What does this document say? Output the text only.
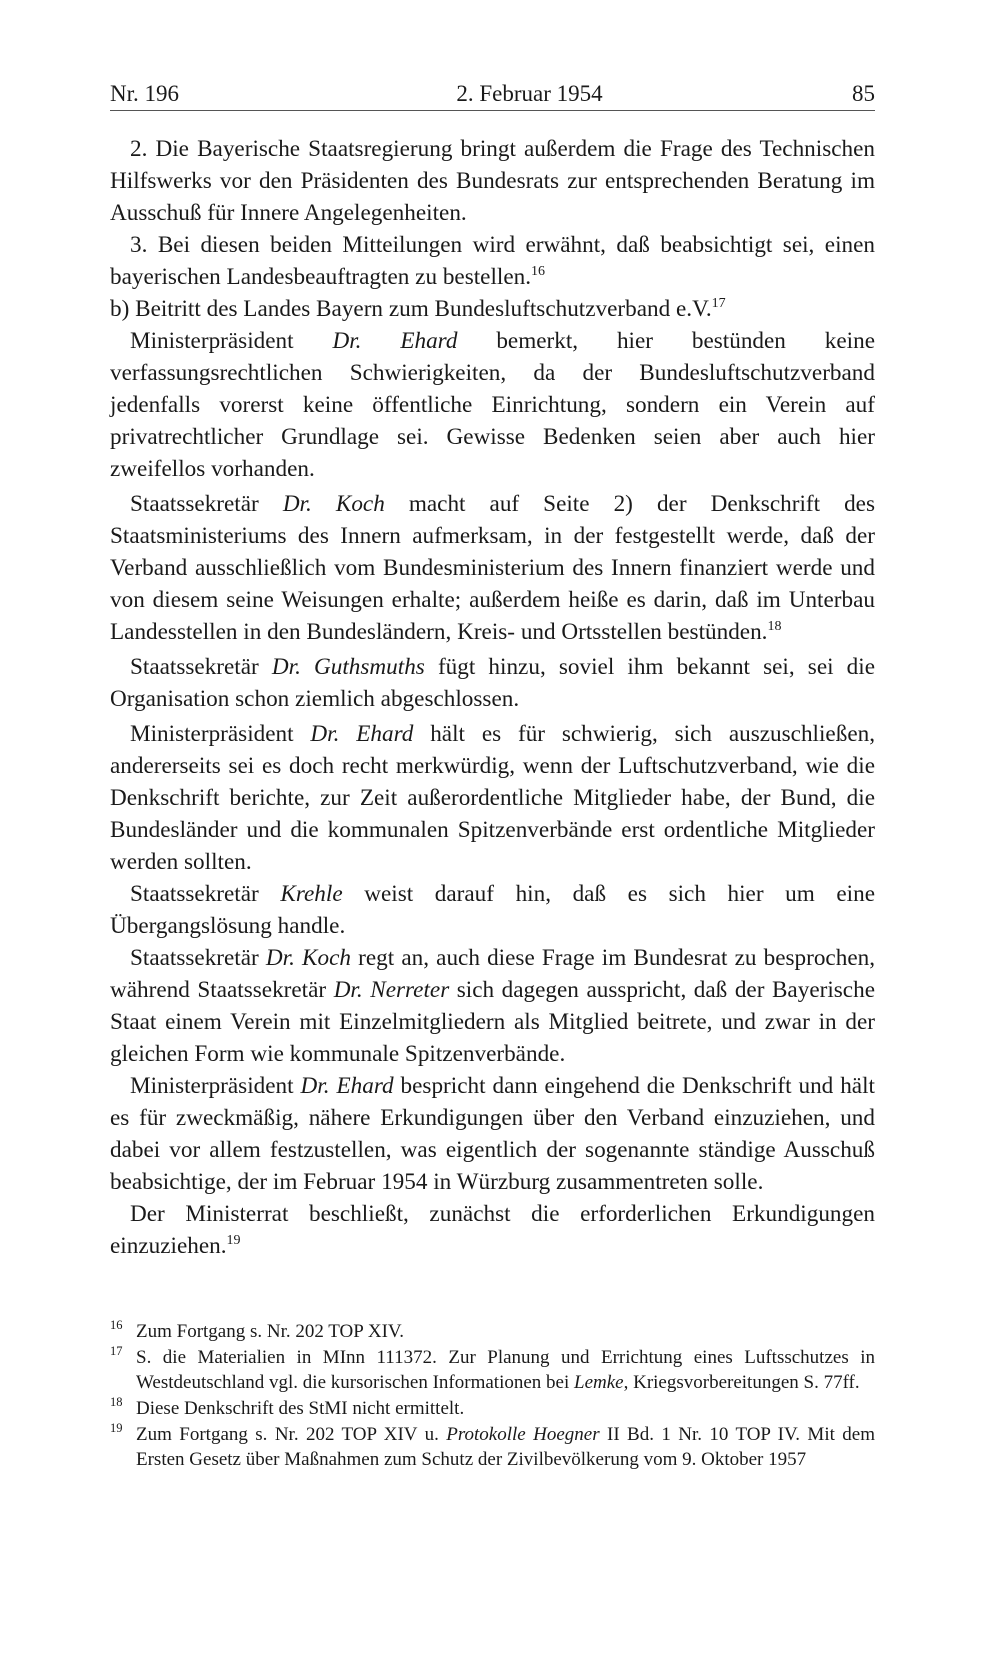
Nr. 196	2. Februar 1954	85

2. Die Bayerische Staatsregierung bringt außerdem die Frage des Technischen Hilfswerks vor den Präsidenten des Bundesrats zur entsprechenden Beratung im Ausschuß für Innere Angelegenheiten.

3. Bei diesen beiden Mitteilungen wird erwähnt, daß beabsichtigt sei, einen bayerischen Landesbeauftragten zu bestellen.$^{16}$

b) Beitritt des Landes Bayern zum Bundesluftschutzverband e.V.$^{17}$

Ministerpräsident Dr. Ehard bemerkt, hier bestünden keine verfassungsrechtlichen Schwierigkeiten, da der Bundesluftschutzverband jedenfalls vorerst keine öffentliche Einrichtung, sondern ein Verein auf privatrechtlicher Grundlage sei. Gewisse Bedenken seien aber auch hier zweifellos vorhanden.

Staatssekretär Dr. Koch macht auf Seite 2) der Denkschrift des Staatsministeriums des Innern aufmerksam, in der festgestellt werde, daß der Verband ausschließlich vom Bundesministerium des Innern finanziert werde und von diesem seine Weisungen erhalte; außerdem heiße es darin, daß im Unterbau Landesstellen in den Bundesländern, Kreis- und Ortsstellen bestünden.$^{18}$

Staatssekretär Dr. Guthsmuths fügt hinzu, soviel ihm bekannt sei, sei die Organisation schon ziemlich abgeschlossen.

Ministerpräsident Dr. Ehard hält es für schwierig, sich auszuschließen, andererseits sei es doch recht merkwürdig, wenn der Luftschutzverband, wie die Denkschrift berichte, zur Zeit außerordentliche Mitglieder habe, der Bund, die Bundesländer und die kommunalen Spitzenverbände erst ordentliche Mitglieder werden sollten.

Staatssekretär Krehle weist darauf hin, daß es sich hier um eine Übergangslösung handle.

Staatssekretär Dr. Koch regt an, auch diese Frage im Bundesrat zu besprochen, während Staatssekretär Dr. Nerreter sich dagegen ausspricht, daß der Bayerische Staat einem Verein mit Einzelmitgliedern als Mitglied beitrete, und zwar in der gleichen Form wie kommunale Spitzenverbände.

Ministerpräsident Dr. Ehard bespricht dann eingehend die Denkschrift und hält es für zweckmäßig, nähere Erkundigungen über den Verband einzuziehen, und dabei vor allem festzustellen, was eigentlich der sogenannte ständige Ausschuß beabsichtige, der im Februar 1954 in Würzburg zusammentreten solle.

Der Ministerrat beschließt, zunächst die erforderlichen Erkundigungen einzuziehen.$^{19}$

16 Zum Fortgang s. Nr. 202 TOP XIV.
17 S. die Materialien in MInn 111372. Zur Planung und Errichtung eines Luftsschutzes in Westdeutschland vgl. die kursorischen Informationen bei Lemke, Kriegsvorbereitungen S. 77ff.
18 Diese Denkschrift des StMI nicht ermittelt.
19 Zum Fortgang s. Nr. 202 TOP XIV u. Protokolle Hoegner II Bd. 1 Nr. 10 TOP IV. Mit dem Ersten Gesetz über Maßnahmen zum Schutz der Zivilbevölkerung vom 9. Oktober 1957
